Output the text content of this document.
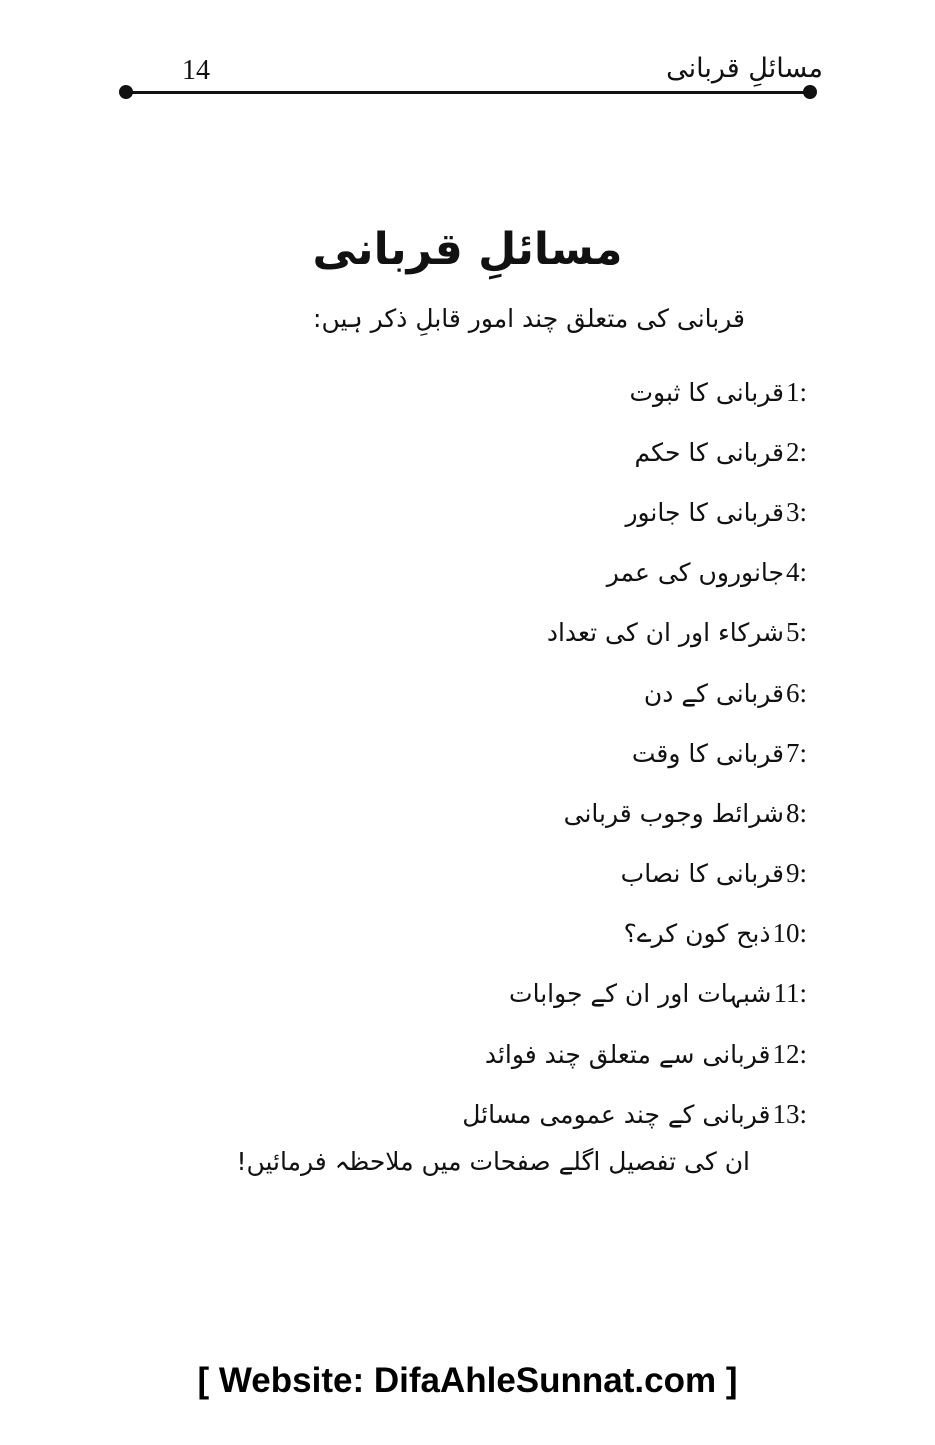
14	مسائلِ قربانی
مسائلِ قربانی

قربانی کی متعلق چند امور قابلِ ذکر ہیں:

1:
قربانی کا ثبوت
2:
قربانی کا حکم
3:
قربانی کا جانور
4:
جانوروں کی عمر
5:
شرکاء اور ان کی تعداد
6:
قربانی کے دن
7:
قربانی کا وقت
8:
شرائط وجوب قربانی
9:
قربانی کا نصاب
10:
ذبح کون کرے؟
11:
شبہات اور ان کے جوابات
12:
قربانی سے متعلق چند فوائد
13:
قربانی کے چند عمومی مسائل

ان کی تفصیل اگلے صفحات میں ملاحظہ فرمائیں!

[ Website: DifaAhleSunnat.com ]
